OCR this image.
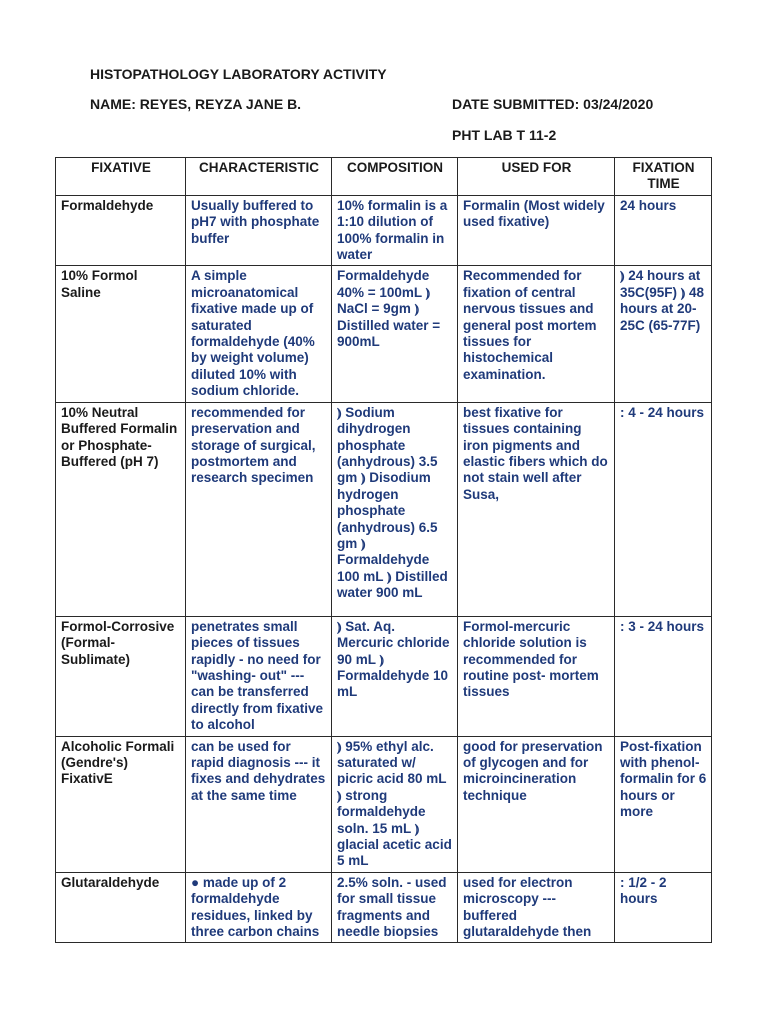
HISTOPATHOLOGY LABORATORY ACTIVITY
NAME: REYES, REYZA JANE B.	DATE SUBMITTED: 03/24/2020
PHT LAB T 11-2
FIXATIVE	CHARACTERISTIC	COMPOSITION	USED FOR	FIXATION TIME
Formaldehyde	Usually buffered to pH7 with phosphate buffer	10% formalin is a 1:10 dilution of 100% formalin in water	Formalin (Most widely used fixative)	24 hours
10% Formol Saline	A simple microanatomical fixative made up of saturated formaldehyde (40% by weight volume) diluted 10% with sodium chloride.	Formaldehyde 40% = 100mL ⦆ NaCl = 9gm ⦆ Distilled water = 900mL	Recommended for fixation of central nervous tissues and general post mortem tissues for histochemical examination.	⦆ 24 hours at 35C(95F) ⦆ 48 hours at 20-25C (65-77F)
10% Neutral Buffered Formalin or Phosphate-Buffered (pH 7)	recommended for preservation and storage of surgical, postmortem and research specimen	⦆ Sodium dihydrogen phosphate (anhydrous) 3.5 gm ⦆ Disodium hydrogen phosphate (anhydrous) 6.5 gm ⦆ Formaldehyde 100 mL ⦆ Distilled water 900 mL	best fixative for tissues containing iron pigments and elastic fibers which do not stain well after Susa,	: 4 - 24 hours
Formol-Corrosive (Formal-Sublimate)	penetrates small pieces of tissues rapidly - no need for "washing- out" --- can be transferred directly from fixative to alcohol	⦆ Sat. Aq. Mercuric chloride 90 mL ⦆ Formaldehyde 10 mL	Formol-mercuric chloride solution is recommended for routine post- mortem tissues	: 3 - 24 hours
Alcoholic Formali (Gendre's) FixativE	can be used for rapid diagnosis --- it fixes and dehydrates at the same time	⦆ 95% ethyl alc. saturated w/ picric acid 80 mL ⦆ strong formaldehyde soln. 15 mL ⦆ glacial acetic acid 5 mL	good for preservation of glycogen and for microincineration technique	Post-fixation with phenol-formalin for 6 hours or more
Glutaraldehyde	● made up of 2 formaldehyde residues, linked by three carbon chains	2.5% soln. - used for small tissue fragments and needle biopsies	used for electron microscopy --- buffered glutaraldehyde then	: 1/2 - 2 hours
